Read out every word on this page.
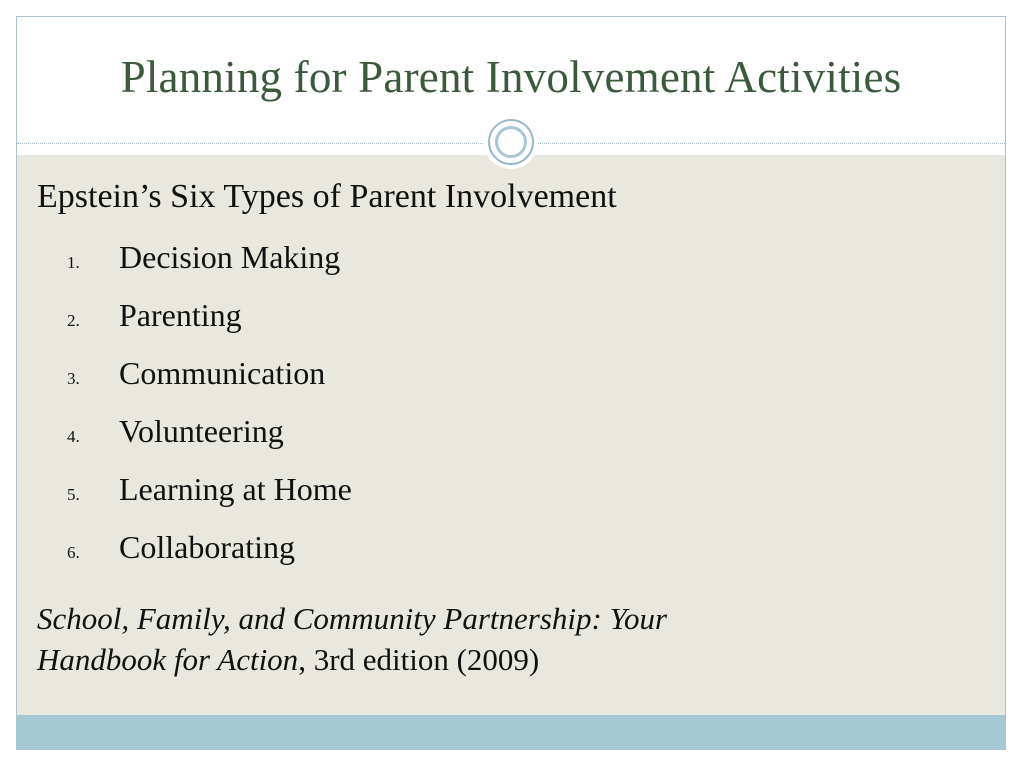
Planning for Parent Involvement Activities
Epstein’s Six Types of Parent Involvement
1. Decision Making
2. Parenting
3. Communication
4. Volunteering
5. Learning at Home
6. Collaborating
School, Family, and Community Partnership: Your
Handbook for Action, 3rd edition (2009)
